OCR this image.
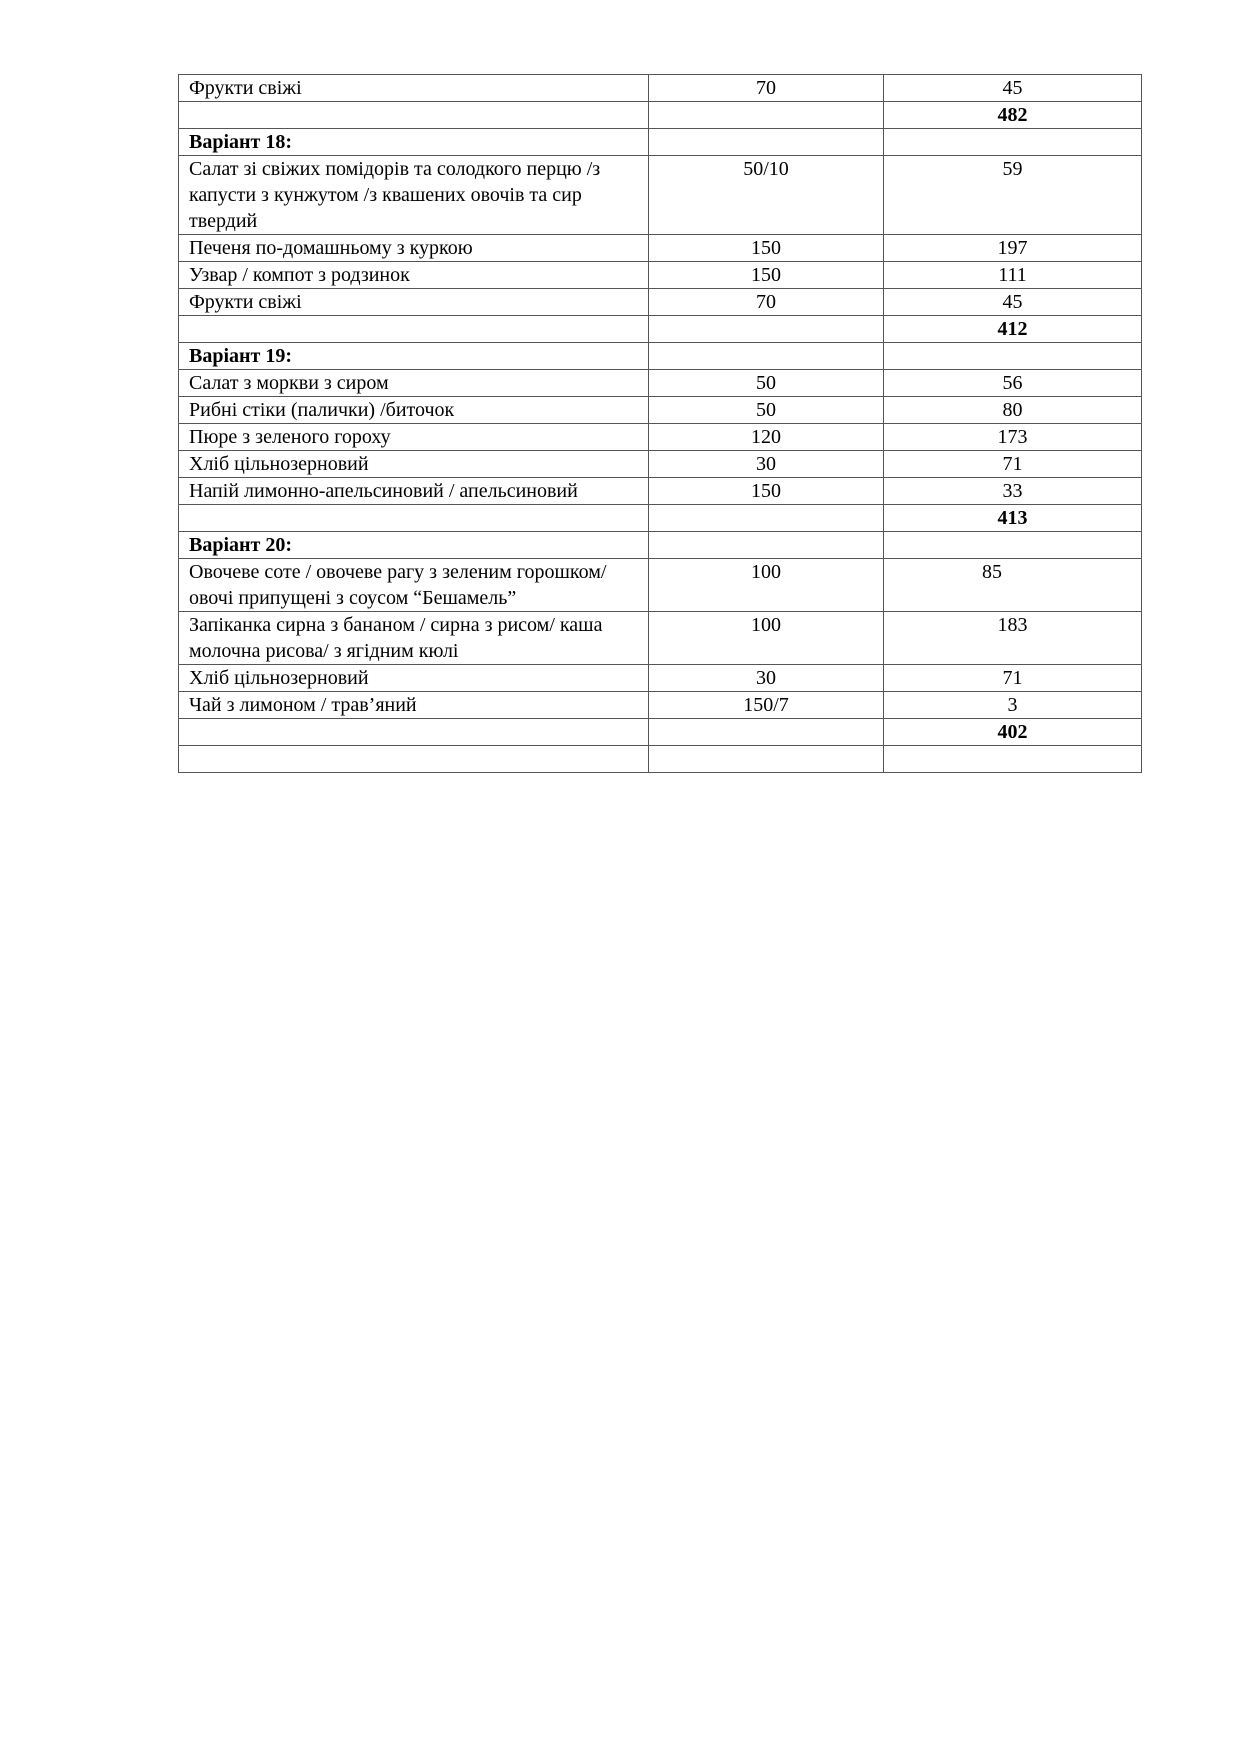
Фрукти свіжі	70	45
		482
Варіант 18:		
Салат зі свіжих помідорів та солодкого перцю /з капусти з кунжутом /з квашених овочів та сир твердий	50/10	59
Печеня по-домашньому з куркою	150	197
Узвар / компот з родзинок	150	111
Фрукти свіжі	70	45
		412
Варіант 19:		
Салат з моркви з сиром	50	56
Рибні стіки (палички) /биточок	50	80
Пюре з зеленого гороху	120	173
Хліб цільнозерновий	30	71
Напій лимонно-апельсиновий / апельсиновий	150	33
		413
Варіант 20:		
Овочеве соте / овочеве рагу з зеленим горошком/ овочі припущені з соусом “Бешамель”	100	85
Запіканка сирна з бананом / сирна з рисом/ каша молочна рисова/ з ягідним кюлі	100	183
Хліб цільнозерновий	30	71
Чай з лимоном / трав’яний	150/7	3
		402
